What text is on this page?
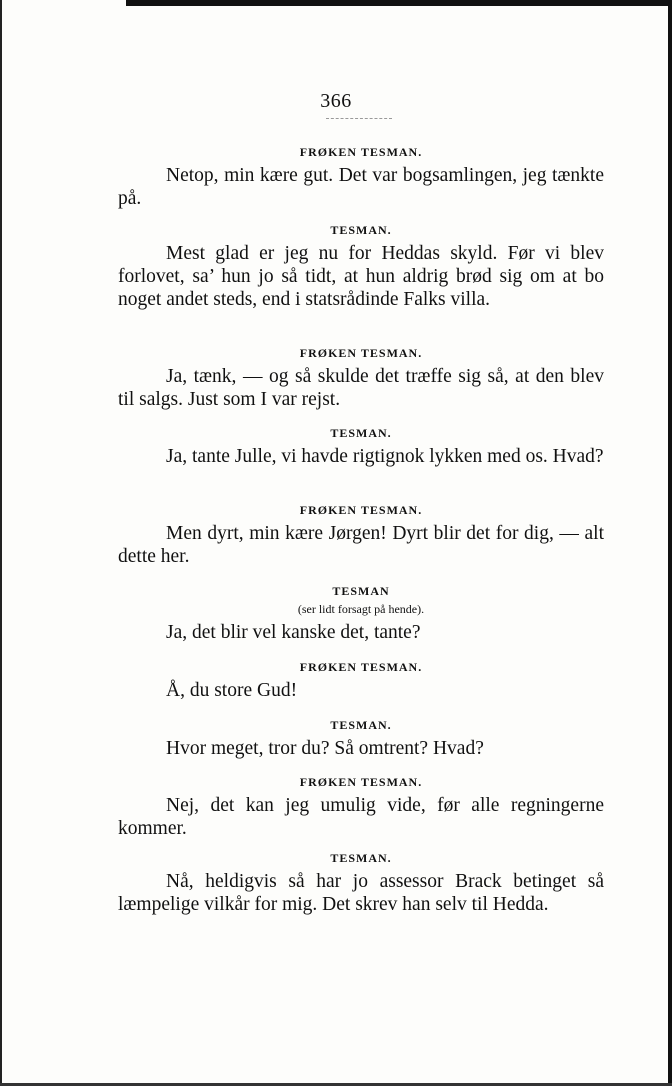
366
FRØKEN TESMAN.

Netop, min kære gut. Det var bogsamlingen, jeg tænkte på.

TESMAN.

Mest glad er jeg nu for Heddas skyld. Før vi blev forlovet, sa’ hun jo så tidt, at hun aldrig brød sig om at bo noget andet steds, end i statsrådinde Falks villa.

FRØKEN TESMAN.

Ja, tænk, — og så skulde det træffe sig så, at den blev til salgs. Just som I var rejst.

TESMAN.

Ja, tante Julle, vi havde rigtignok lykken med os. Hvad?

FRØKEN TESMAN.

Men dyrt, min kære Jørgen! Dyrt blir det for dig, — alt dette her.

TESMAN
(ser lidt forsagt på hende).

Ja, det blir vel kanske det, tante?

FRØKEN TESMAN.

Å, du store Gud!

TESMAN.

Hvor meget, tror du? Så omtrent? Hvad?

FRØKEN TESMAN.

Nej, det kan jeg umulig vide, før alle regningerne kommer.

TESMAN.

Nå, heldigvis så har jo assessor Brack betinget så læmpelige vilkår for mig. Det skrev han selv til Hedda.
